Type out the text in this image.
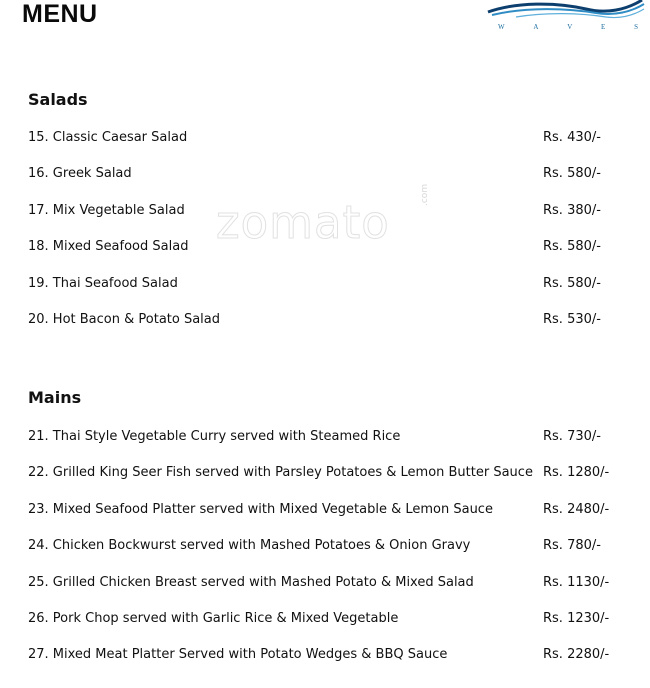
MENU	W	A	V	E	S
zomato
.com
Salads
15. Classic Caesar Salad	Rs. 430/-
16. Greek Salad	Rs. 580/-
17. Mix Vegetable Salad	Rs. 380/-
18. Mixed Seafood Salad	Rs. 580/-
19. Thai Seafood Salad	Rs. 580/-
20. Hot Bacon & Potato Salad	Rs. 530/-
Mains
21. Thai Style Vegetable Curry served with Steamed Rice	Rs. 730/-
22. Grilled King Seer Fish served with Parsley Potatoes & Lemon Butter Sauce Rs. 1280/-
23. Mixed Seafood Platter served with Mixed Vegetable & Lemon Sauce	Rs. 2480/-
24. Chicken Bockwurst served with Mashed Potatoes & Onion Gravy	Rs. 780/-
25. Grilled Chicken Breast served with Mashed Potato & Mixed Salad	Rs. 1130/-
26. Pork Chop served with Garlic Rice & Mixed Vegetable	Rs. 1230/-
27. Mixed Meat Platter Served with Potato Wedges & BBQ Sauce	Rs. 2280/-
